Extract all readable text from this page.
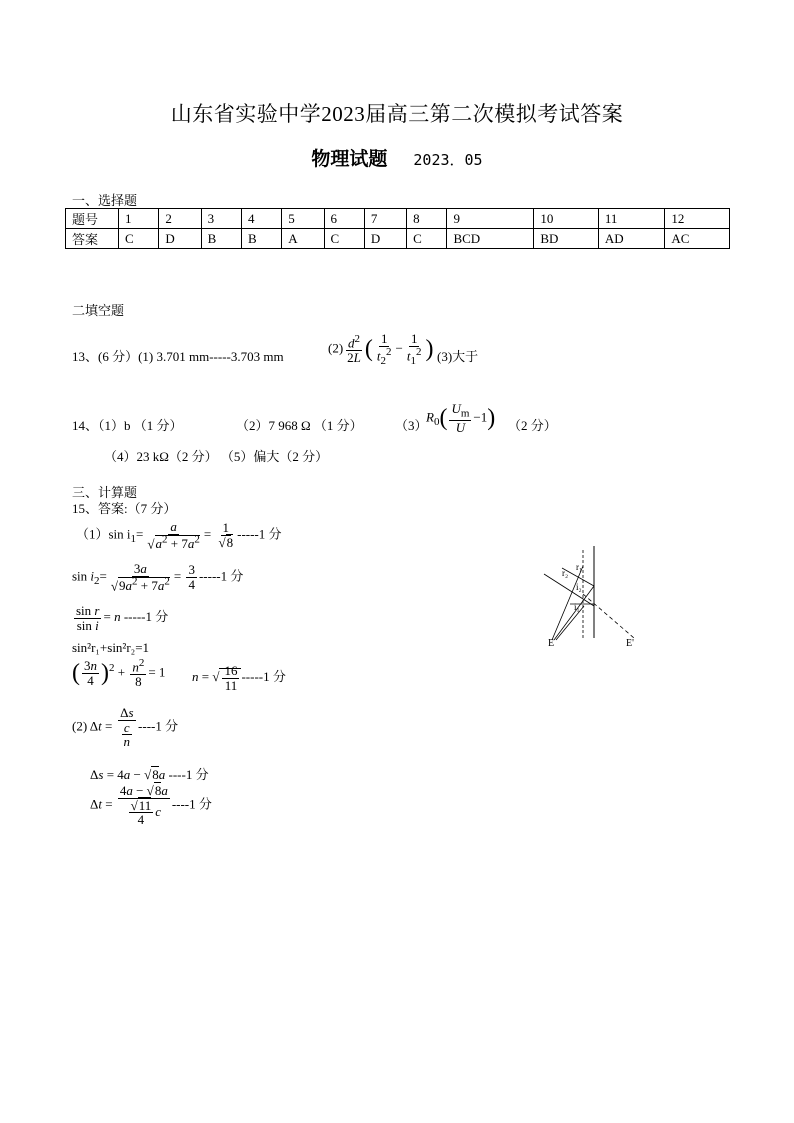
山东省实验中学2023届高三第二次模拟考试答案
物理试题 2023．05
一、选择题
题号	1	2	3	4	5	6	7	8	9	10	11	12
答案	C	D	B	B	A	C	D	C	BCD	BD	AD	AC
二填空题
13、(6 分）(1) 3.701 mm-----3.703 mm
$(2) \frac{d^2}{2L}$ ( $\frac{1}{t_2^2} - \frac{1}{t_1^2}$ ) (3)大于
14、（1）b （1 分）	（2）7 968 Ω （1 分） （3）
$R_0( \frac{U_m}{U} -1)$ （2 分）
（4）23 kΩ（2 分） （5）偏大（2 分）
三、计算题
15、答案:（7 分）
（1）sin $i_1= \frac{a}{√a^2 + 7a^2} = \frac{1}{√8} -----1$ 分
$\sin i_2= \frac{3a}{√9a^2 + 7a^2} = \frac{3}{4} -----1$ 分
$\frac{\text{sin r}}{\text{sin i}} = n$ -----1 分
sin²r₁+sin²r₂=1
( $\frac{3n}{4} )^2 + \frac{n^2}{8} = 1$ n = √ $\frac{16}{11} -----1$ 分
(2) $\Delta t = \frac{\Delta s}{\frac{c}{n}} ----1$ 分
Δs = 4a − √8a ----1 分
$\Delta t = \frac{4a - √8a}{\frac{√11}{4} c} ----1$ 分
r₂
r₁
i₂
i₁
E	E'
